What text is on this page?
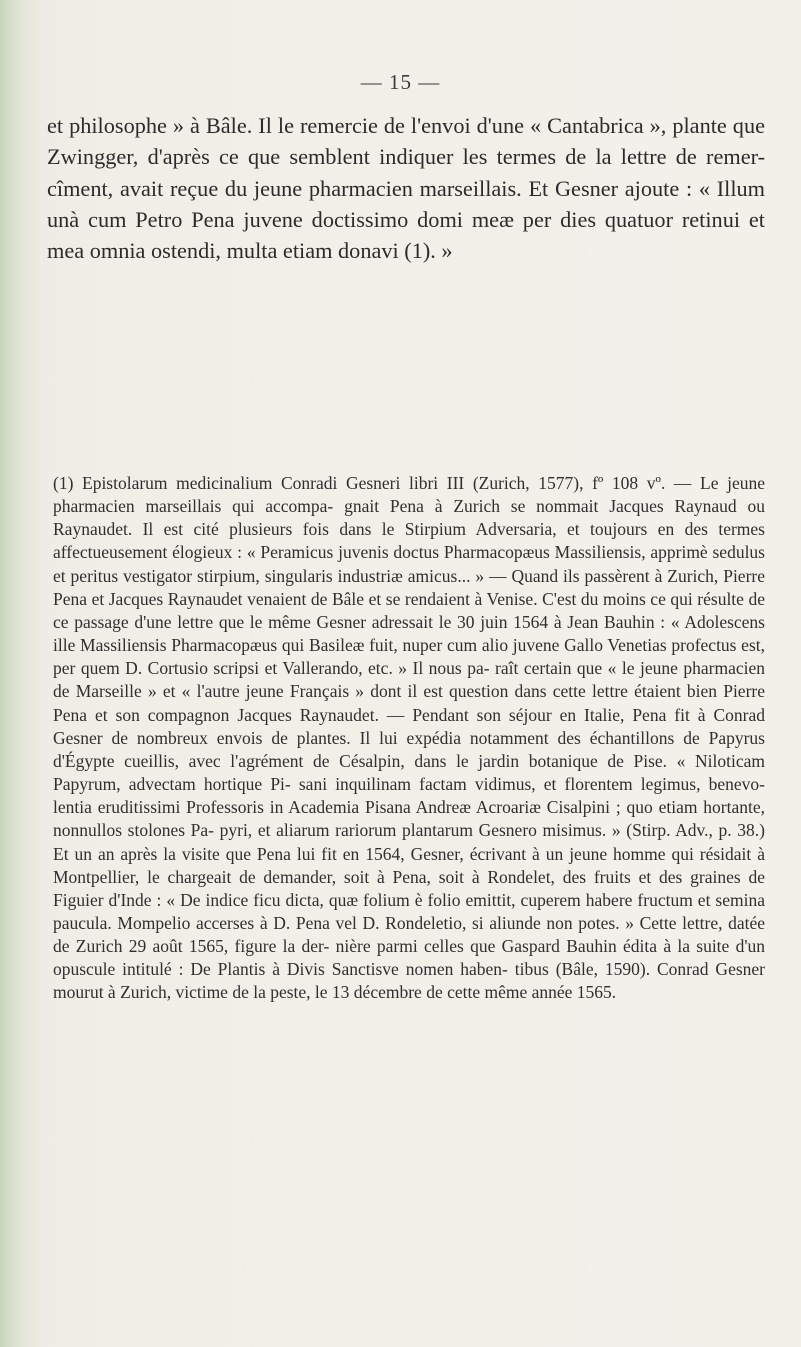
— 15 —

et philosophe » à Bâle. Il le remercie de l'envoi d'une « Cantabrica », plante que Zwingger, d'après ce que semblent indiquer les termes de la lettre de remer- cîment, avait reçue du jeune pharmacien marseillais. Et Gesner ajoute : « Illum unà cum Petro Pena juvene doctissimo domi meæ per dies quatuor retinui et mea omnia ostendi, multa etiam donavi (1). »

(1) Epistolarum medicinalium Conradi Gesneri libri III (Zurich, 1577), fº 108 vº. — Le jeune pharmacien marseillais qui accompa- gnait Pena à Zurich se nommait Jacques Raynaud ou Raynaudet. Il est cité plusieurs fois dans le Stirpium Adversaria, et toujours en des termes affectueusement élogieux : « Peramicus juvenis doctus Pharmacopæus Massiliensis, apprimè sedulus et peritus vestigator stirpium, singularis industriæ amicus... » — Quand ils passèrent à Zurich, Pierre Pena et Jacques Raynaudet venaient de Bâle et se rendaient à Venise. C'est du moins ce qui résulte de ce passage d'une lettre que le même Gesner adressait le 30 juin 1564 à Jean Bauhin : « Adolescens ille Massiliensis Pharmacopæus qui Basileæ fuit, nuper cum alio juvene Gallo Venetias profectus est, per quem D. Cortusio scripsi et Vallerando, etc. » Il nous pa- raît certain que « le jeune pharmacien de Marseille » et « l'autre jeune Français » dont il est question dans cette lettre étaient bien Pierre Pena et son compagnon Jacques Raynaudet. — Pendant son séjour en Italie, Pena fit à Conrad Gesner de nombreux envois de plantes. Il lui expédia notamment des échantillons de Papyrus d'Égypte cueillis, avec l'agrément de Césalpin, dans le jardin botanique de Pise. « Niloticam Papyrum, advectam hortique Pi- sani inquilinam factam vidimus, et florentem legimus, benevo- lentia eruditissimi Professoris in Academia Pisana Andreæ Acroariæ Cisalpini ; quo etiam hortante, nonnullos stolones Pa- pyri, et aliarum rariorum plantarum Gesnero misimus. » (Stirp. Adv., p. 38.) Et un an après la visite que Pena lui fit en 1564, Gesner, écrivant à un jeune homme qui résidait à Montpellier, le chargeait de demander, soit à Pena, soit à Rondelet, des fruits et des graines de Figuier d'Inde : « De indice ficu dicta, quæ folium è folio emittit, cuperem habere fructum et semina paucula. Mompelio accerses à D. Pena vel D. Rondeletio, si aliunde non potes. » Cette lettre, datée de Zurich 29 août 1565, figure la der- nière parmi celles que Gaspard Bauhin édita à la suite d'un opuscule intitulé : De Plantis à Divis Sanctisve nomen haben- tibus (Bâle, 1590). Conrad Gesner mourut à Zurich, victime de la peste, le 13 décembre de cette même année 1565.
